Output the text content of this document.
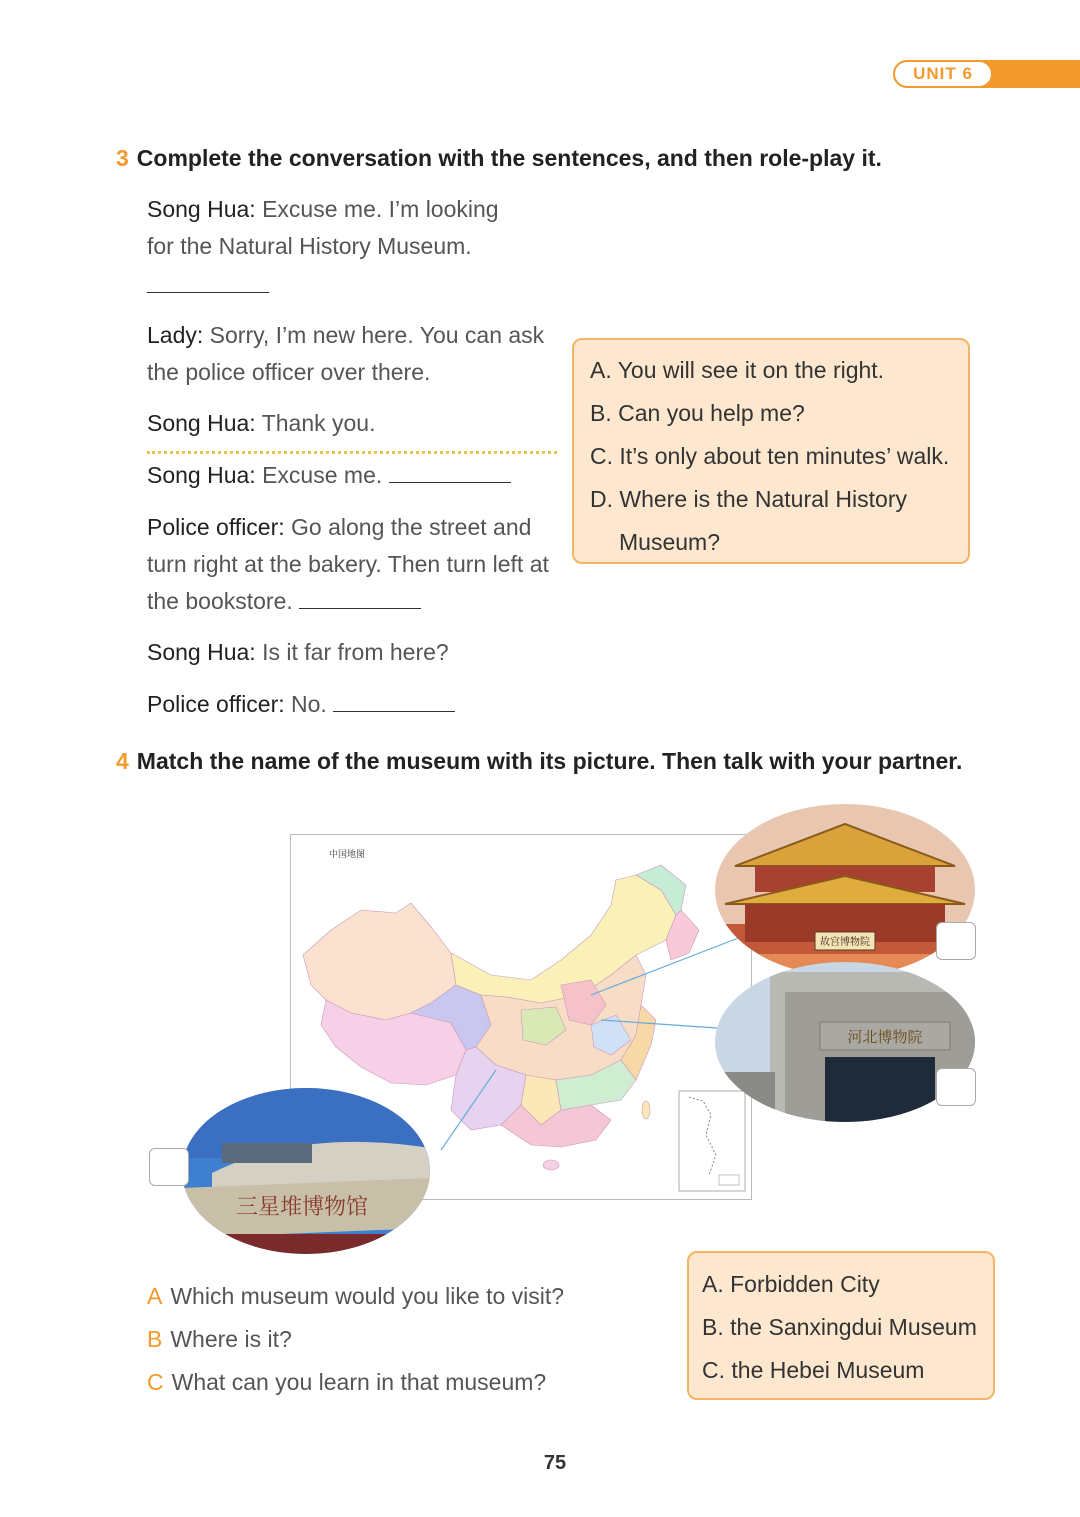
UNIT 6
3 Complete the conversation with the sentences, and then role-play it.
Song Hua: Excuse me. I’m looking
for the Natural History Museum.
Lady: Sorry, I’m new here. You can ask
the police officer over there.
Song Hua: Thank you.
Song Hua: Excuse me.
Police officer: Go along the street and
turn right at the bakery. Then turn left at
the bookstore.
Song Hua: Is it far from here?
Police officer: No.
A. You will see it on the right.
B. Can you help me?
C. It’s only about ten minutes’ walk.
D. Where is the Natural History
Museum?
4 Match the name of the museum with its picture. Then talk with your partner.
中国地图
故宫博物院
河北博物院
三星堆博物馆
A Which museum would you like to visit?
B Where is it?
C What can you learn in that museum?
A. Forbidden City
B. the Sanxingdui Museum
C. the Hebei Museum
75
